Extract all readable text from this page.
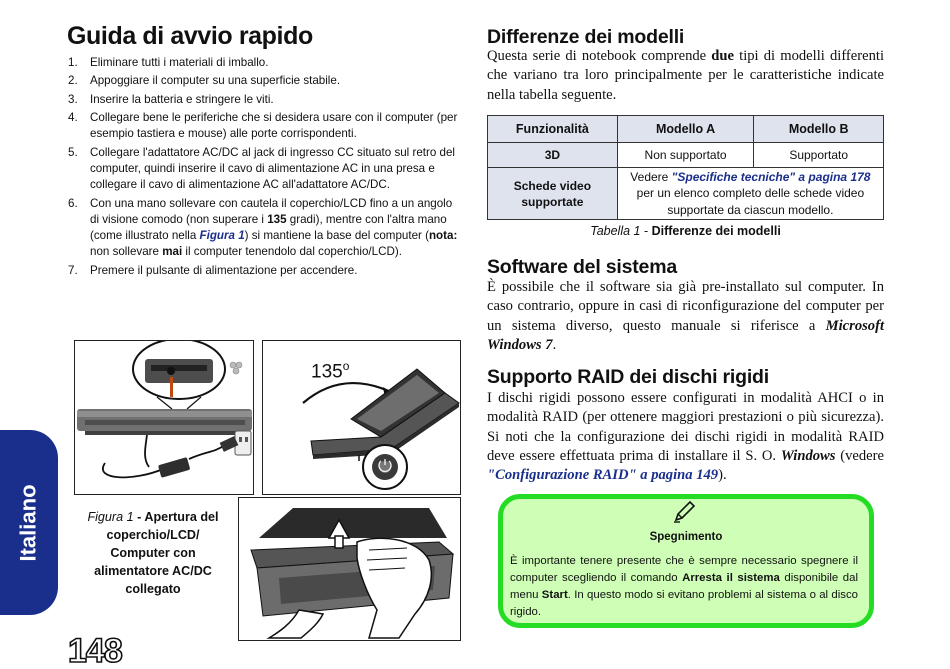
Italiano
148
Guida di avvio rapido
1.	Eliminare tutti i materiali di imballo.
2.	Appoggiare il computer su una superficie stabile.
3.	Inserire la batteria e stringere le viti.
4.	Collegare bene le periferiche che si desidera usare con il computer (per esempio tastiera e mouse) alle porte corrispondenti.
5.	Collegare l'adattatore AC/DC al jack di ingresso CC situato sul retro del computer, quindi inserire il cavo di alimentazione AC in una presa e collegare il cavo di alimentazione AC all'adattatore AC/DC.
6.	Con una mano sollevare con cautela il coperchio/LCD fino a un angolo di visione comodo (non superare i 135 gradi), mentre con l'altra mano (come illustrato nella Figura 1) si mantiene la base del computer (nota: non sollevare mai il computer tenendolo dal coperchio/LCD).
7.	Premere il pulsante di alimentazione per accendere.
135$^o$
Figura 1 - Apertura del coperchio/LCD/ Computer con alimentatore AC/DC collegato
Differenze dei modelli

Questa serie di notebook comprende due tipi di modelli differenti che variano tra loro principalmente per le caratteristiche indicate nella tabella seguente.

Funzionalità	Modello A	Modello B
3D	Non supportato	Supportato
Schede video supportate	Vedere "Specifiche tecniche" a pagina 178 per un elenco completo delle schede video supportate da ciascun modello.	
Tabella 1 - Differenze dei modelli
Software del sistema

È possibile che il software sia già pre-installato sul computer. In caso contrario, oppure in casi di riconfigurazione del computer per un sistema diverso, questo manuale si riferisce a Microsoft Windows 7.

Supporto RAID dei dischi rigidi

I dischi rigidi possono essere configurati in modalità AHCI o in modalità RAID (per ottenere maggiori prestazioni o più sicurezza). Si noti che la configurazione dei dischi rigidi in modalità RAID deve essere effettuata prima di installare il S. O. Windows (vedere "Configurazione RAID" a pagina 149).

Spegnimento

È importante tenere presente che è sempre necessario spegnere il computer scegliendo il comando Arresta il sistema disponibile dal menu Start. In questo modo si evitano problemi al sistema o al disco rigido.
